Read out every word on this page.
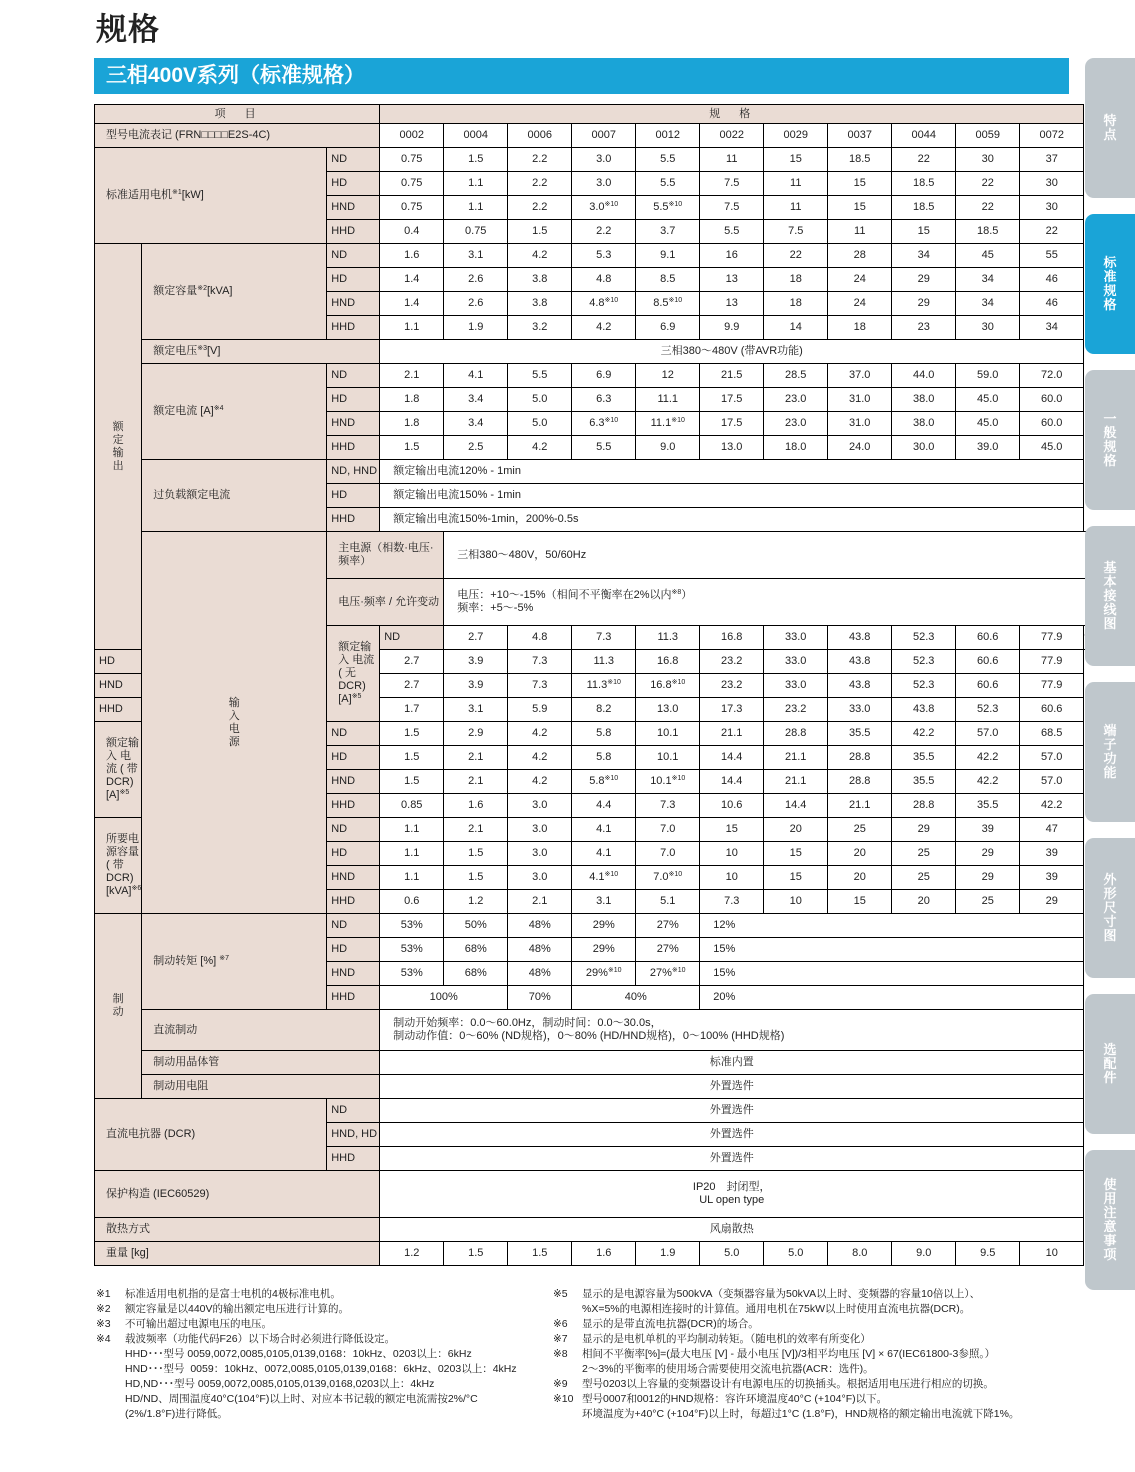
规格
三相400V系列（标准规格）
项　目			规　格											
型号电流表记 (FRN□□□□E2S-4C)			0002	0004	0006	0007	0012	0022	0029	0037	0044	0059	0072	
标准适用电机$^{※1}$[kW]		ND	0.75	1.5	2.2	3.0	5.5	11	15	18.5	22	30	37	
		HD	0.75	1.1	2.2	3.0	5.5	7.5	11	15	18.5	22	30	
		HND	0.75	1.1	2.2	3.0$^{※10}$	5.5$^{※10}$	7.5	11	15	18.5	22	30	
		HHD	0.4	0.75	1.5	2.2	3.7	5.5	7.5	11	15	18.5	22	
额定输出	额定容量$^{※2}$[kVA]	ND	1.6	3.1	4.2	5.3	9.1	16	22	28	34	45	55	
		HD	1.4	2.6	3.8	4.8	8.5	13	18	24	29	34	46	
		HND	1.4	2.6	3.8	4.8$^{※10}$	8.5$^{※10}$	13	18	24	29	34	46	
		HHD	1.1	1.9	3.2	4.2	6.9	9.9	14	18	23	30	34	
	额定电压$^{※3}$[V]		三相380～480V (带AVR功能)											
	额定电流 $[A]^{※4}$	ND	2.1	4.1	5.5	6.9	12	21.5	28.5	37.0	44.0	59.0	72.0	
		HD	1.8	3.4	5.0	6.3	11.1	17.5	23.0	31.0	38.0	45.0	60.0	
		HND	1.8	3.4	5.0	6.3$^{※10}$	11.1$^{※10}$	17.5	23.0	31.0	38.0	45.0	60.0	
		HHD	1.5	2.5	4.2	5.5	9.0	13.0	18.0	24.0	30.0	39.0	45.0	
	过负载额定电流	ND, HND	额定输出电流120% - 1min											
		HD	额定输出电流150% - 1min											
		HHD	额定输出电流150%-1min，200%-0.5s											
	输入电源	主电源（相数·电压·频率）		三相380～480V，50/60Hz										
		电压·频率 / 允许变动		电压：+10～-15%（相间不平衡率在2%以内$^{※8}$）
频率：+5～-5%										
		额定输入 电流 ( 无 $DCR)[A]^{※5}$	ND	2.7	4.8	7.3	11.3	16.8	33.0	43.8	52.3	60.6	77.9	
HD			2.7	3.9	7.3	11.3	16.8	23.2	33.0	43.8	52.3	60.6	77.9	
HND			2.7	3.9	7.3	11.3$^{※10}$	16.8$^{※10}$	23.2	33.0	43.8	52.3	60.6	77.9	
HHD			1.7	3.1	5.9	8.2	13.0	17.3	23.2	33.0	43.8	52.3	60.6	
额定输入 电流 ( 带 $DCR)[A]^{※5}$		ND	1.5	2.9	4.2	5.8	10.1	21.1	28.8	35.5	42.2	57.0	68.5	
		HD	1.5	2.1	4.2	5.8	10.1	14.4	21.1	28.8	35.5	42.2	57.0	
		HND	1.5	2.1	4.2	5.8$^{※10}$	10.1$^{※10}$	14.4	21.1	28.8	35.5	42.2	57.0	
		HHD	0.85	1.6	3.0	4.4	7.3	10.6	14.4	21.1	28.8	35.5	42.2	
所要电源容量 ( 带 DCR)[kVA]$^{※6}$		ND	1.1	2.1	3.0	4.1	7.0	15	20	25	29	39	47	
		HD	1.1	1.5	3.0	4.1	7.0	10	15	20	25	29	39	
		HND	1.1	1.5	3.0	4.1$^{※10}$	7.0$^{※10}$	10	15	20	25	29	39	
		HHD	0.6	1.2	2.1	3.1	5.1	7.3	10	15	20	25	29	
制动	制动转矩 [%] $^{※7}$	ND	53%	50%	48%	29%	27%	12%						
		HD	53%	68%	48%	29%	27%	15%						
		HND	53%	68%	48%	29%$^{※10}$	27%$^{※10}$	15%						
		HHD	100%		70%	40%		20%						
	直流制动		制动开始频率：0.0～60.0Hz，制动时间：0.0～30.0s，
制动动作值：0～60% (ND规格)，0～80% (HD/HND规格)，0～100% (HHD规格)											
	制动用晶体管		标准内置											
	制动用电阻		外置选件											
直流电抗器 (DCR)		ND	外置选件											
		HND, HD	外置选件											
		HHD	外置选件											
保护构造 (IEC60529)			IP20　封闭型，
UL open type											
散热方式			风扇散热											
重量 [kg]			1.2	1.5	1.5	1.6	1.9	5.0	5.0	8.0	9.0	9.5	10	
※1	标准适用电机指的是富士电机的4极标准电机。
※2	额定容量是以440V的输出额定电压进行计算的。
※3	不可输出超过电源电压的电压。
※4	载波频率（功能代码F26）以下场合时必须进行降低设定。
HHD･･･型号 0059,0072,0085,0105,0139,0168：10kHz、0203以上：6kHz
HND･･･型号  0059：10kHz、0072,0085,0105,0139,0168：6kHz、0203以上：4kHz
HD,ND･･･型号 0059,0072,0085,0105,0139,0168,0203以上：4kHz
HD/ND、周围温度40°C(104°F)以上时、对应本书记载的额定电流需按2%/°C
(2%/1.8°F)进行降低。
※5	显示的是电源容量为500kVA（变频器容量为50kVA以上时、变频器的容量10倍以上）、
%X=5%的电源相连接时的计算值。通用电机在75kW以上时使用直流电抗器(DCR)。
※6	显示的是带直流电抗器(DCR)的场合。
※7	显示的是电机单机的平均制动转矩。（随电机的效率有所变化）
※8	相间不平衡率[%]=(最大电压 [V] - 最小电压 [V])/3相平均电压 [V] × 67(IEC61800-3参照。）
2～3%的平衡率的使用场合需要使用交流电抗器(ACR：选件)。
※9	型号0203以上容量的变频器设计有电源电压的切换插头。根据适用电压进行相应的切换。
※10 型号0007和0012的HND规格：容许环境温度40°C (+104°F)以下。
环境温度为+40°C (+104°F)以上时，每超过1°C (1.8°F)，HND规格的额定输出电流就下降1%。
特点
标准规格
一般规格
基本接线图
端子功能
外形尺寸图
选配件
使用注意事项
